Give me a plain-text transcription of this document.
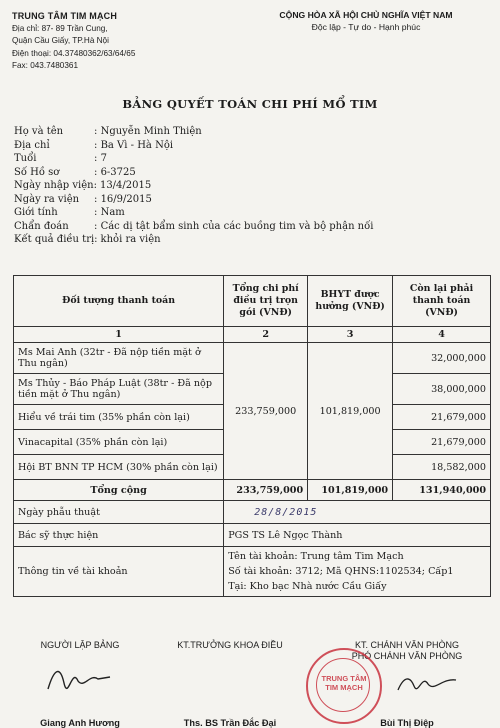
TRUNG TÂM TIM MẠCH
Địa chỉ: 87- 89 Trần Cung,
Quận Cầu Giấy, TP.Hà Nội
Điện thoại: 04.37480362/63/64/65
Fax: 043.7480361
CỘNG HÒA XÃ HỘI CHỦ NGHĨA VIỆT NAM
Độc lập - Tự do - Hạnh phúc
BẢNG QUYẾT TOÁN CHI PHÍ MỔ TIM
Họ và tên	: Nguyễn Minh Thiện
Địa chỉ	: Ba Vì - Hà Nội
Tuổi	: 7
Số Hồ sơ	: 6-3725
Ngày nhập viện: 13/4/2015
Ngày ra viện	: 16/9/2015
Giới tính	: Nam
Chẩn đoán	: Các dị tật bẩm sinh của các buồng tim và bộ phận nối
Kết quả điều trị: khỏi ra viện
Đối tượng thanh toán	Tổng chi phí điều trị trọn gói (VNĐ)	BHYT được hưởng (VNĐ)	Còn lại phải thanh toán (VNĐ)
1	2	3	4
Ms Mai Anh (32tr - Đã nộp tiền mặt ở Thu ngân)	233,759,000	101,819,000	32,000,000
Ms Thủy - Báo Pháp Luật (38tr - Đã nộp tiền mặt ở Thu ngân)			38,000,000
Hiểu về trái tim (35% phần còn lại)			21,679,000
Vinacapital (35% phần còn lại)			21,679,000
Hội BT BNN TP HCM (30% phần còn lại)			18,582,000
Tổng cộng	233,759,000	101,819,000	131,940,000
Ngày phẫu thuật	28/8/2015		
Bác sỹ thực hiện	PGS TS Lê Ngọc Thành		
Thông tin về tài khoản	Tên tài khoản: Trung tâm Tim Mạch
Số tài khoản: 3712; Mã QHNS:1102534; Cấp1
Tại: Kho bạc Nhà nước Cầu Giấy		
NGƯỜI LẬP BẢNG
Giang Anh Hương
KT.TRƯỞNG KHOA ĐIỀU
Ths. BS Trần Đắc Đại
KT. CHÁNH VĂN PHÒNG
PHÓ CHÁNH VĂN PHÒNG
Bùi Thị Điệp
TRUNG TÂM
TIM MẠCH
